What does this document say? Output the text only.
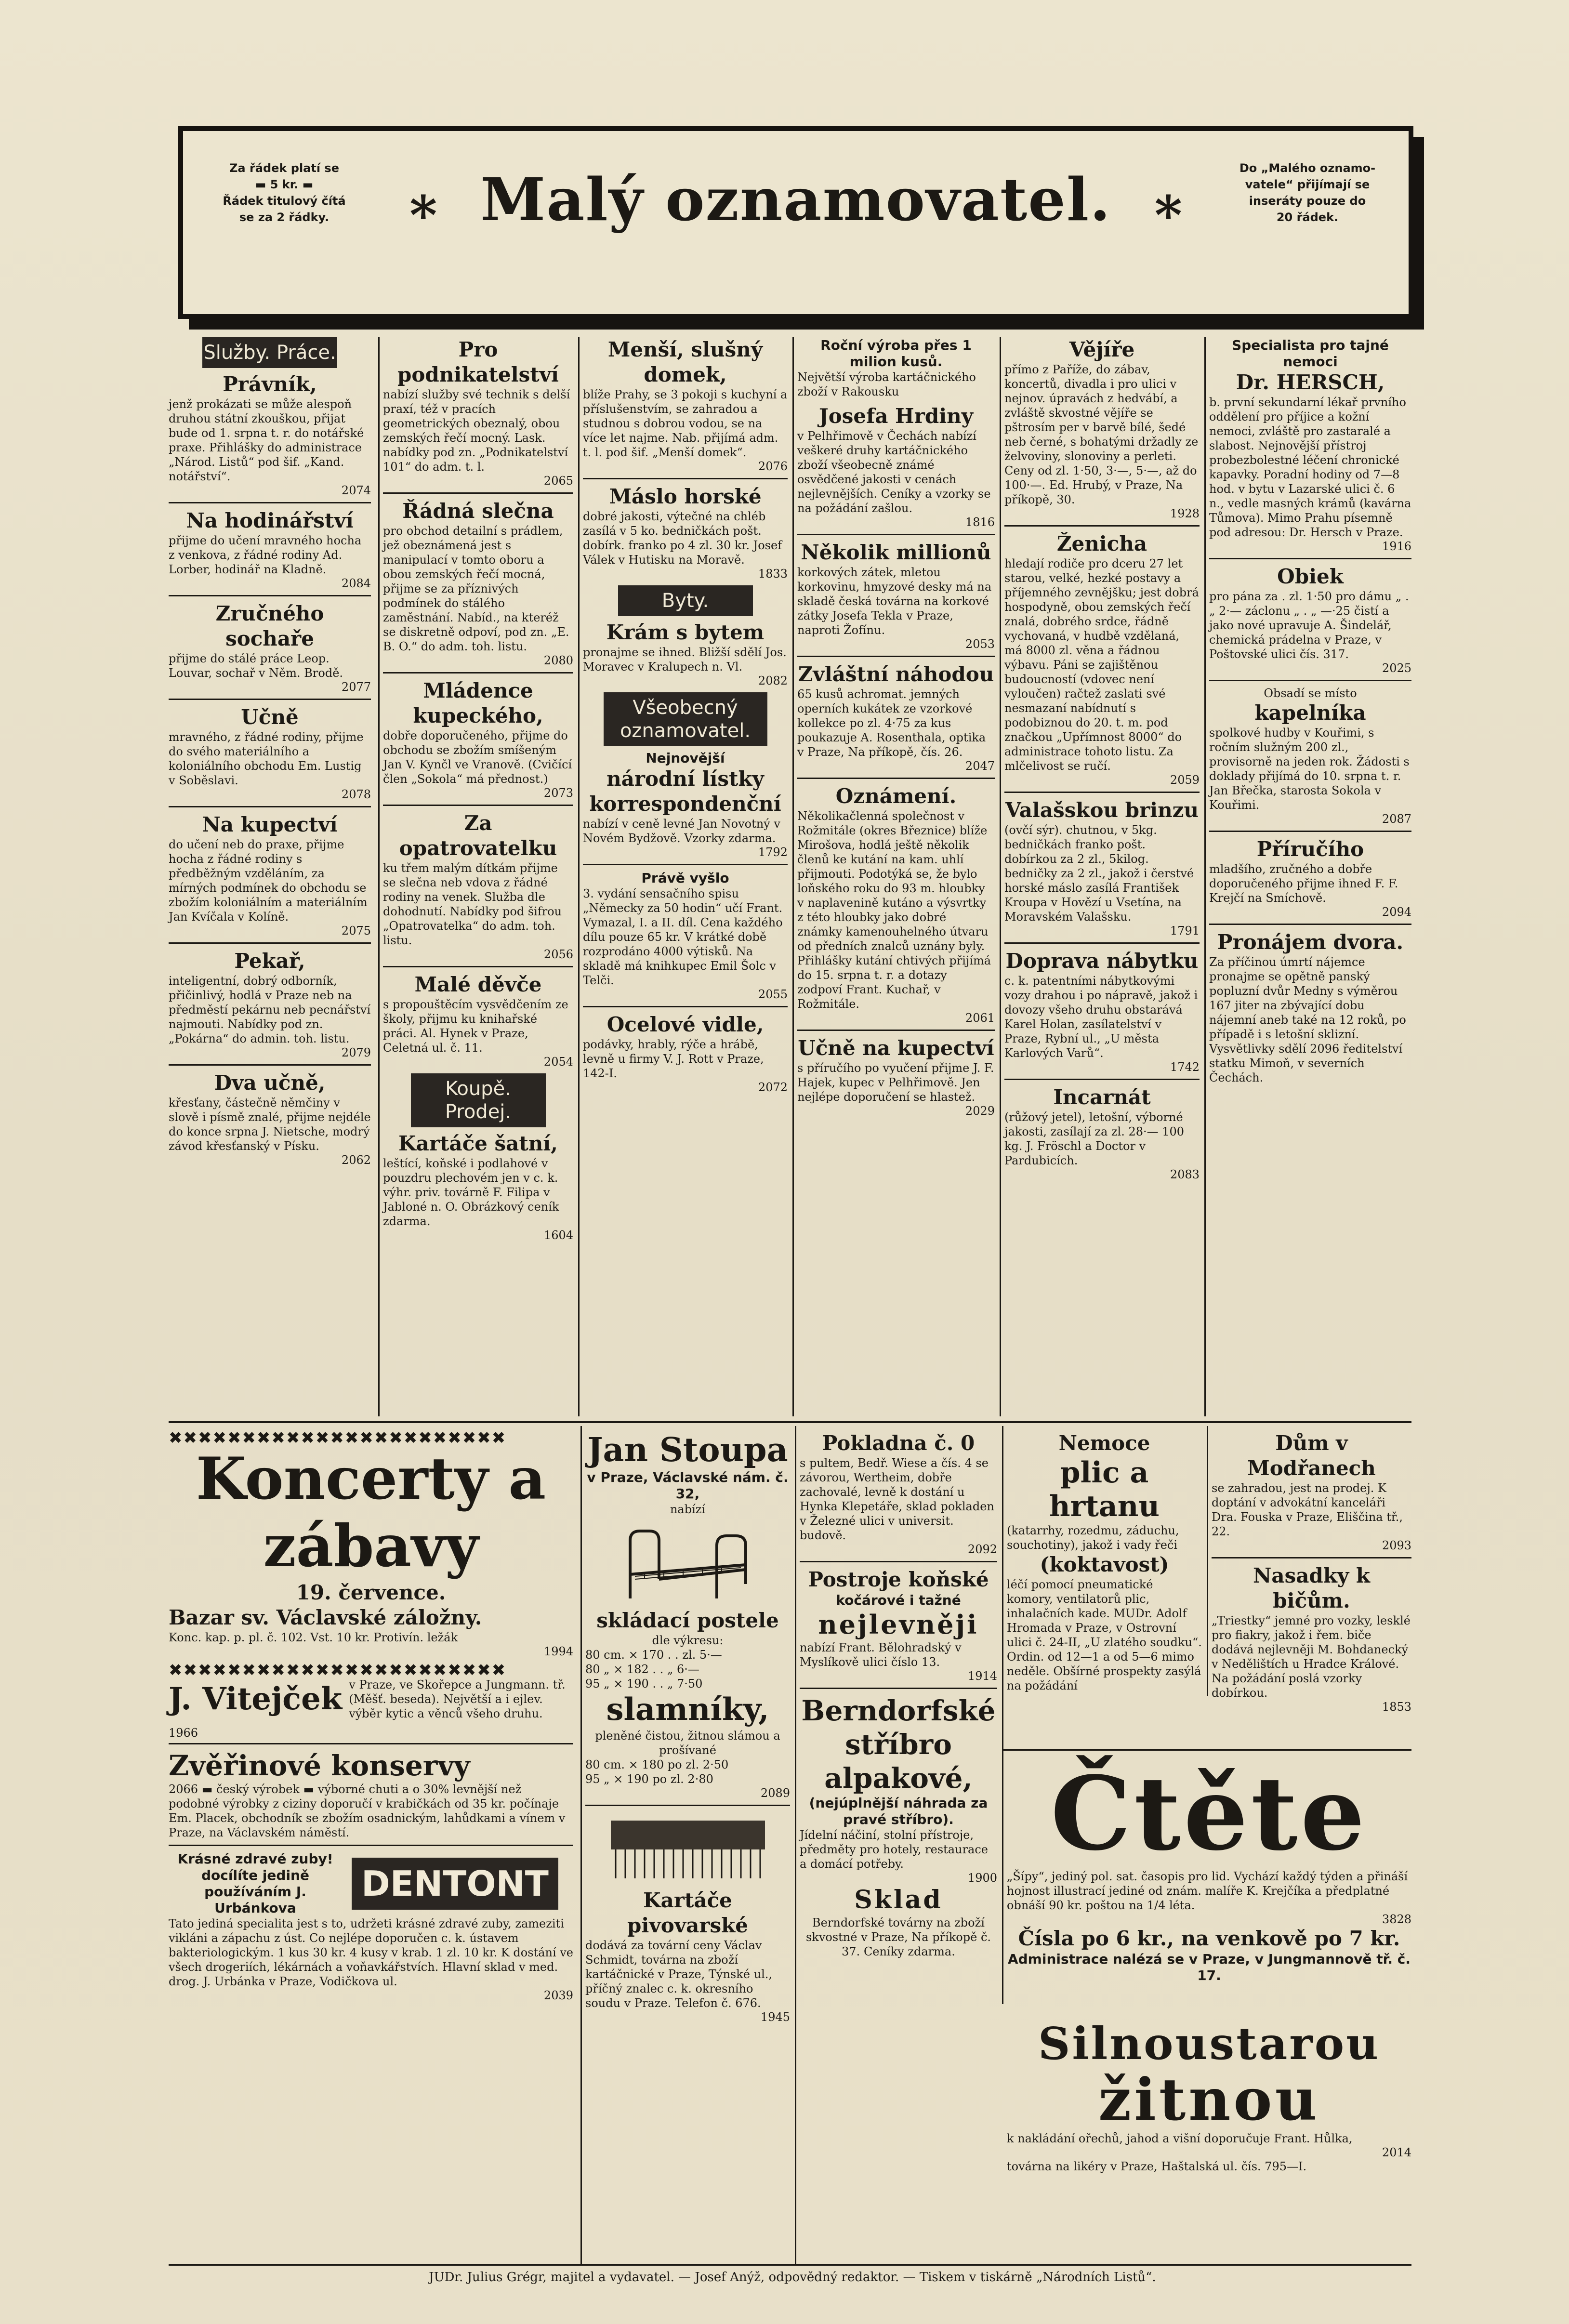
Za řádek platí se
▬ 5 kr. ▬
Řádek titulový čítá
se za 2 řádky.	* Malý oznamovatel. *
Do „Malého oznamo-
vatele“ přijímají se
inseráty pouze do
20 řádek.
Služby. Práce.
Právník,
jenž prokázati se může alespoň druhou státní zkouškou, přijat bude od 1. srpna t. r. do notářské praxe. Přihlášky do administrace „Národ. Listů“ pod šif. „Kand. notářství“.
2074
Na hodinářství
přijme do učení mravného hocha z venkova, z řádné rodiny Ad. Lorber, hodinář na Kladně.
2084
Zručného sochaře
přijme do stálé práce Leop. Louvar, sochař v Něm. Brodě.
2077
Učně
mravného, z řádné rodiny, přijme do svého materiálního a koloniálního obchodu Em. Lustig v Soběslavi.
2078
Na kupectví
do učení neb do praxe, přijme hocha z řádné rodiny s předběžným vzděláním, za mírných podmínek do obchodu se zbožím koloniálním a materiálním Jan Kvíčala v Kolíně.
2075
Pekař,
inteligentní, dobrý odborník, přičinlivý, hodlá v Praze neb na předměstí pekárnu neb pecnářství najmouti. Nabídky pod zn. „Pokárna“ do admin. toh. listu.
2079
Dva učně,
křesťany, částečně němčiny v slově i písmě znalé, přijme nejdéle do konce srpna J. Nietsche, modrý závod křesťanský v Písku.
2062
Pro podnikatelství
nabízí služby své technik s delší praxí, též v pracích geometrických obeznalý, obou zemských řečí mocný. Lask. nabídky pod zn. „Podnikatelství 101“ do adm. t. l.
2065
Řádná slečna
pro obchod detailní s prádlem, jež obeznámená jest s manipulací v tomto oboru a obou zemských řečí mocná, přijme se za příznivých podmínek do stálého zaměstnání. Nabíd., na kteréž se diskretně odpoví, pod zn. „E. B. O.“ do adm. toh. listu.
2080
Mládence kupeckého,
dobře doporučeného, přijme do obchodu se zbožím smíšeným Jan V. Kynčl ve Vranově. (Cvičící člen „Sokola“ má přednost.)
2073
Za opatrovatelku
ku třem malým dítkám přijme se slečna neb vdova z řádné rodiny na venek. Služba dle dohodnutí. Nabídky pod šifrou „Opatrovatelka“ do adm. toh. listu.
2056
Malé děvče
s propouštěcím vysvědčením ze školy, přijmu ku knihařské práci. Al. Hynek v Praze, Celetná ul. č. 11.
2054
Koupě. Prodej.
Kartáče šatní,
leštící, koňské i podlahové v pouzdru plechovém jen v c. k. výhr. priv. továrně F. Filipa v Jabloné n. O. Obrázkový ceník zdarma.
1604
Menší, slušný domek,
blíže Prahy, se 3 pokoji s kuchyní a příslušenstvím, se zahradou a studnou s dobrou vodou, se na více let najme. Nab. přijímá adm. t. l. pod šif. „Menší domek“.
2076
Máslo horské
dobré jakosti, výtečné na chléb zasílá v 5 ko. bedničkách pošt. dobírk. franko po 4 zl. 30 kr. Josef Válek v Hutisku na Moravě.
1833
Byty.
Krám s bytem
pronajme se ihned. Bližší sdělí Jos. Moravec v Kralupech n. Vl.
2082
Všeobecný oznamovatel.
Nejnovější
národní lístky korrespondenční
nabízí v ceně levné Jan Novotný v Novém Bydžově. Vzorky zdarma.
1792
Právě vyšlo
3. vydání sensačního spisu „Německy za 50 hodin“ učí Frant. Vymazal, I. a II. díl. Cena každého dílu pouze 65 kr. V krátké době rozprodáno 4000 výtisků. Na skladě má knihkupec Emil Šolc v Telči.
2055
Ocelové vidle,
podávky, hrably, rýče a hrábě, levně u firmy V. J. Rott v Praze, 142-I.
2072
Roční výroba přes 1 milion kusů.
Největší výroba kartáčnického zboží v Rakousku
Josefa Hrdiny
v Pelhřimově v Čechách nabízí veškeré druhy kartáčnického zboží všeobecně známé osvědčené jakosti v cenách nejlevnějších. Ceníky a vzorky se na požádání zašlou.
1816
Několik millionů
korkových zátek, mletou korkovinu, hmyzové desky má na skladě česká továrna na korkové zátky Josefa Tekla v Praze, naproti Žofínu.
2053
Zvláštní náhodou
65 kusů achromat. jemných operních kukátek ze vzorkové kollekce po zl. 4·75 za kus poukazuje A. Rosenthala, optika v Praze, Na příkopě, čís. 26.
2047
Oznámení.
Několikačlenná společnost v Rožmitále (okres Březnice) blíže Mirošova, hodlá ještě několik členů ke kutání na kam. uhlí přijmouti. Podotýká se, že bylo loňského roku do 93 m. hloubky v naplavenině kutáno a výsvrtky z této hloubky jako dobré známky kamenouhelného útvaru od předních znalců uznány byly. Přihlášky kutání chtivých přijímá do 15. srpna t. r. a dotazy zodpoví Frant. Kuchař, v Rožmitále.
2061
Učně na kupectví
s příručího po vyučení přijme J. F. Hajek, kupec v Pelhřimově. Jen nejlépe doporučení se hlastež.
2029
Vějíře
přímo z Paříže, do zábav, koncertů, divadla i pro ulici v nejnov. úpravách z hedvábí, a zvláště skvostné vějíře se pštrosím per v barvě bílé, šedé neb černé, s bohatými držadly ze želvoviny, slonoviny a perleti. Ceny od zl. 1·50, 3·—, 5·—, až do 100·—. Ed. Hrubý, v Praze, Na příkopě, 30.
1928
Ženicha
hledají rodiče pro dceru 27 let starou, velké, hezké postavy a příjemného zevnějšku; jest dobrá hospodyně, obou zemských řečí znalá, dobrého srdce, řádně vychovaná, v hudbě vzdělaná, má 8000 zl. věna a řádnou výbavu. Páni se zajištěnou budoucností (vdovec není vyloučen) račtež zaslati své nesmazaní nabídnutí s podobiznou do 20. t. m. pod značkou „Upřímnost 8000“ do administrace tohoto listu. Za mlčelivost se ručí.
2059
Valašskou brinzu
(ovčí sýr). chutnou, v 5kg. bedničkách franko pošt. dobírkou za 2 zl., 5kilog. bedničky za 2 zl., jakož i čerstvé horské máslo zasílá František Kroupa v Hovězí u Vsetína, na Moravském Valašsku.
1791
Doprava nábytku
c. k. patentními nábytkovými vozy drahou i po nápravě, jakož i dovozy všeho druhu obstarává Karel Holan, zasílatelství v Praze, Rybní ul., „U města Karlových Varů“.
1742
Incarnát
(růžový jetel), letošní, výborné jakosti, zasílají za zl. 28·— 100 kg. J. Fröschl a Doctor v Pardubicích.
2083
Specialista pro tajné nemoci
Dr. HERSCH,
b. první sekundarní lékař prvního oddělení pro příjice a kožní nemoci, zvláště pro zastaralé a slabost. Nejnovější přístroj probezbolestné léčení chronické kapavky. Poradní hodiny od 7—8 hod. v bytu v Lazarské ulici č. 6 n., vedle masných krámů (kavárna Tůmova). Mimo Prahu písemně pod adresou: Dr. Hersch v Praze.
1916
Obiek
pro pána za . zl. 1·50 pro dámu „ . „ 2·— záclonu „ . „ —·25 čistí a jako nové upravuje A. Šindelář, chemická prádelna v Praze, v Poštovské ulici čís. 317.
2025
Obsadí se místo
kapelníka
spolkové hudby v Kouřimi, s ročním služným 200 zl., provisorně na jeden rok. Žádosti s doklady přijímá do 10. srpna t. r. Jan Břečka, starosta Sokola v Kouřimi.
2087
Příručího
mladšího, zručného a dobře doporučeného přijme ihned F. F. Krejčí na Smíchově.
2094
Pronájem dvora.
Za příčinou úmrtí nájemce pronajme se opětně panský popluzní dvůr Medny s výměrou 167 jiter na zbývající dobu nájemní aneb také na 12 roků, po případě i s letošní sklizní. Vysvětlivky sdělí 2096 ředitelství statku Mimoň, v severních Čechách.
✖✖✖✖✖✖✖✖✖✖✖✖✖✖✖✖✖✖✖✖✖✖✖
Koncerty a zábavy
19. července.
Bazar sv. Václavské záložny.
Konc. kap. p. pl. č. 102. Vst. 10 kr. Protivín. ležák
1994
✖✖✖✖✖✖✖✖✖✖✖✖✖✖✖✖✖✖✖✖✖✖✖
J. Vitejček v Praze, ve Skořepce a Jungmann. tř. (Měšť. beseda). Největší a i ejlev. výběr kytic a věnců všeho druhu.
1966
Zvěřinové konservy
2066 ▬ český výrobek ▬ výborné chuti a o 30% levnější než podobné výrobky z ciziny doporučí v krabičkách od 35 kr. počínaje Em. Placek, obchodník se zbožím osadnickým, lahůdkami a vínem v Praze, na Václavském náměstí.
Krásné zdravé zuby! docílíte jedině používáním J. Urbánkova
DENTONT
Tato jediná specialita jest s to, udržeti krásné zdravé zuby, zameziti vikláni a zápachu z úst. Co nejlépe doporučen c. k. ústavem bakteriologickým. 1 kus 30 kr. 4 kusy v krab. 1 zl. 10 kr. K dostání ve všech drogeriích, lékárnách a voňavkářstvích. Hlavní sklad v med. drog. J. Urbánka v Praze, Vodičkova ul.
2039
Jan Stoupa
v Praze, Václavské nám. č. 32,
nabízí
skládací postele
dle výkresu:
80 cm. × 170 . . zl. 5·—
80 „ × 182 . . „ 6·—
95 „ × 190 . . „ 7·50
slamníky,
pleněné čistou, žitnou slámou a prošívané
80 cm. × 180 po zl. 2·50
95 „ × 190 po zl. 2·80
2089
Kartáče pivovarské
dodává za tovární ceny Václav Schmidt, továrna na zboží kartáčnické v Praze, Týnské ul., příčný znalec c. k. okresního soudu v Praze. Telefon č. 676.
1945
Pokladna č. 0
s pultem, Bedř. Wiese a čís. 4 se závorou, Wertheim, dobře zachovalé, levně k dostání u Hynka Klepetáře, sklad pokladen v Železné ulici v universit. budově.
2092
Postroje koňské
kočárové i tažné
nejlevněji
nabízí Frant. Bělohradský v Myslíkově ulici číslo 13.
1914
Berndorfské stříbro alpakové,
(nejúplnější náhrada za pravé stříbro).
Jídelní náčiní, stolní přístroje, předměty pro hotely, restaurace a domácí potřeby.
1900
Sklad
Berndorfské továrny na zboží skvostné v Praze, Na příkopě č. 37. Ceníky zdarma.
Nemoce
plic a hrtanu
(katarrhy, rozedmu, záduchu, souchotiny), jakož i vady řeči
(koktavost)
léčí pomocí pneumatické komory, ventilatorů plic, inhalačních kade. MUDr. Adolf Hromada v Praze, v Ostrovní ulici č. 24-II, „U zlatého soudku“. Ordin. od 12—1 a od 5—6 mimo neděle. Obšírné prospekty zasýlá na požádání
Dům v Modřanech
se zahradou, jest na prodej. K doptání v advokátní kanceláři Dra. Fouska v Praze, Eliščina tř., 22.
2093
Nasadky k bičům.
„Triestky“ jemné pro vozky, lesklé pro fiakry, jakož i řem. biče dodává nejlevněji M. Bohdanecký v Nedělištích u Hradce Králové. Na požádání poslá vzorky dobírkou.
1853
Čtěte
„Šípy“, jediný pol. sat. časopis pro lid. Vychází každý týden a přináší hojnost illustrací jediné od znám. malíře K. Krejčíka a předplatné obnáší 90 kr. poštou na 1/4 léta.
3828
Čísla po 6 kr., na venkově po 7 kr.
Administrace nalézá se v Praze, v Jungmannově tř. č. 17.
Silnoustarou
žitnou
k nakládání ořechů, jahod a višní doporučuje Frant. Hůlka,
2014
továrna na likéry v Praze, Haštalská ul. čís. 795—I.
JUDr. Julius Grégr, majitel a vydavatel. — Josef Anýž, odpovědný redaktor. — Tiskem v tiskárně „Národních Listů“.
